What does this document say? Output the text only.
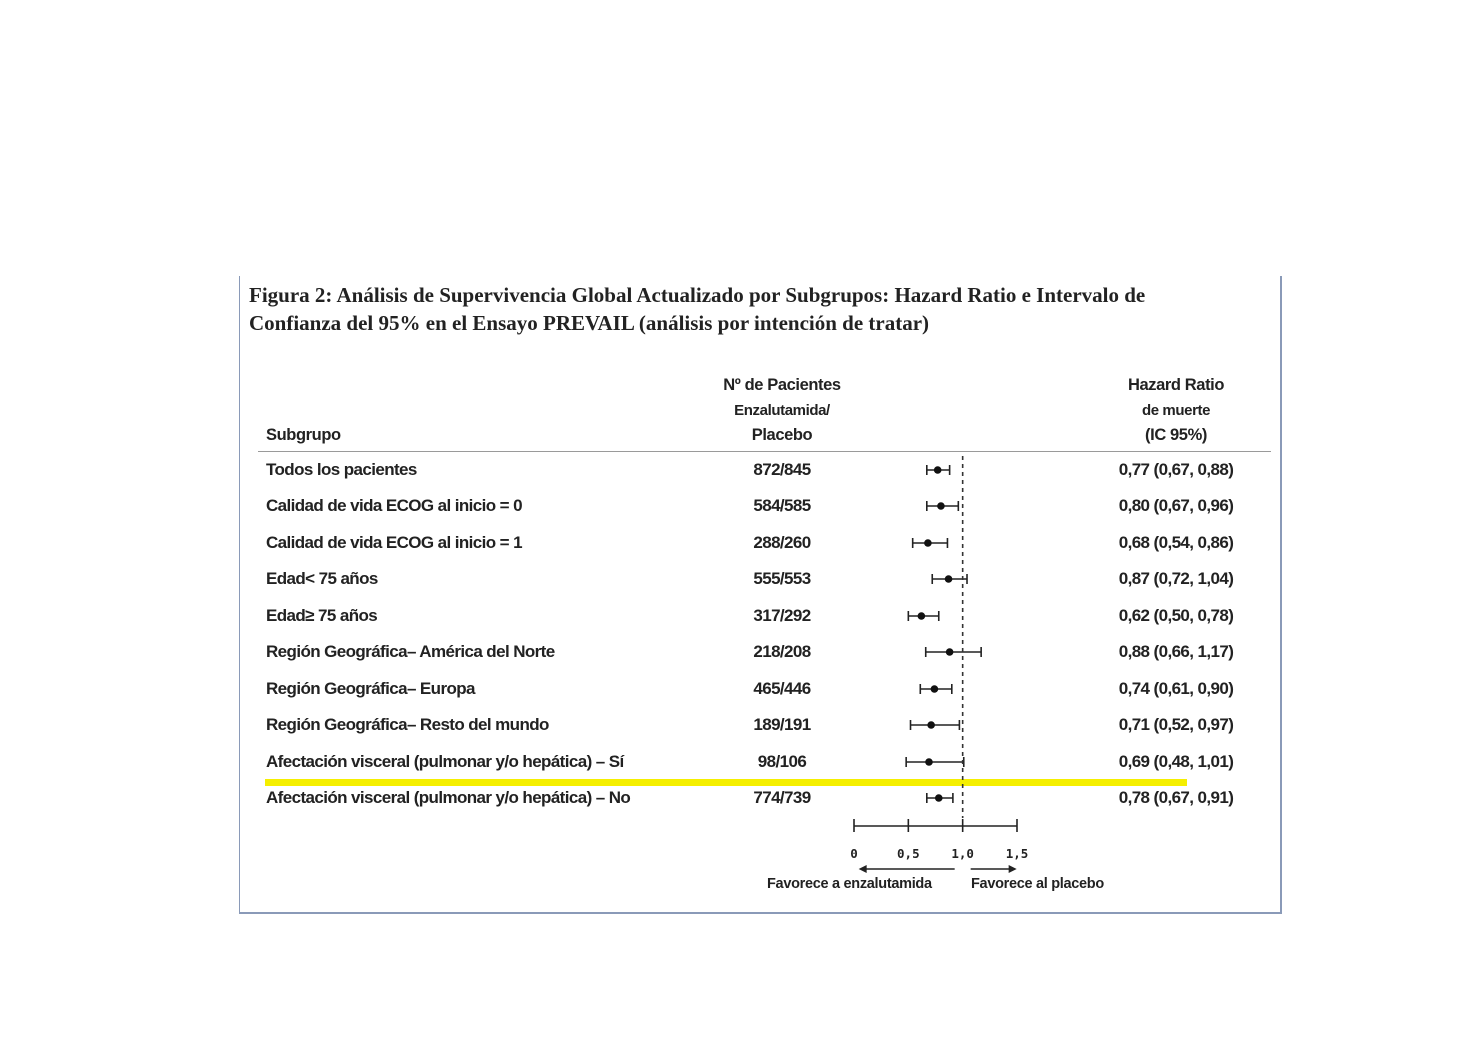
Figura 2: Análisis de Supervivencia Global Actualizado por Subgrupos: Hazard Ratio e Intervalo de
Confianza del 95% en el Ensayo PREVAIL (análisis por intención de tratar)
Subgrupo
Nº de Pacientes
Enzalutamida/
Placebo
Hazard Ratio
de muerte
(IC 95%)
Todos los pacientes	872/845	0,77 (0,67, 0,88)
Calidad de vida ECOG al inicio = 0	584/585	0,80 (0,67, 0,96)
Calidad de vida ECOG al inicio = 1	288/260	0,68 (0,54, 0,86)
Edad< 75 años	555/553	0,87 (0,72, 1,04)
Edad≥ 75 años	317/292	0,62 (0,50, 0,78)
Región Geográfica– América del Norte	218/208	0,88 (0,66, 1,17)
Región Geográfica– Europa	465/446	0,74 (0,61, 0,90)
Región Geográfica– Resto del mundo	189/191	0,71 (0,52, 0,97)
Afectación visceral (pulmonar y/o hepática) – Sí	98/106	0,69 (0,48, 1,01)
Afectación visceral (pulmonar y/o hepática) – No	774/739	0,78 (0,67, 0,91)
0	0,5	1,0	1,5
Favorece a enzalutamida	Favorece al placebo
